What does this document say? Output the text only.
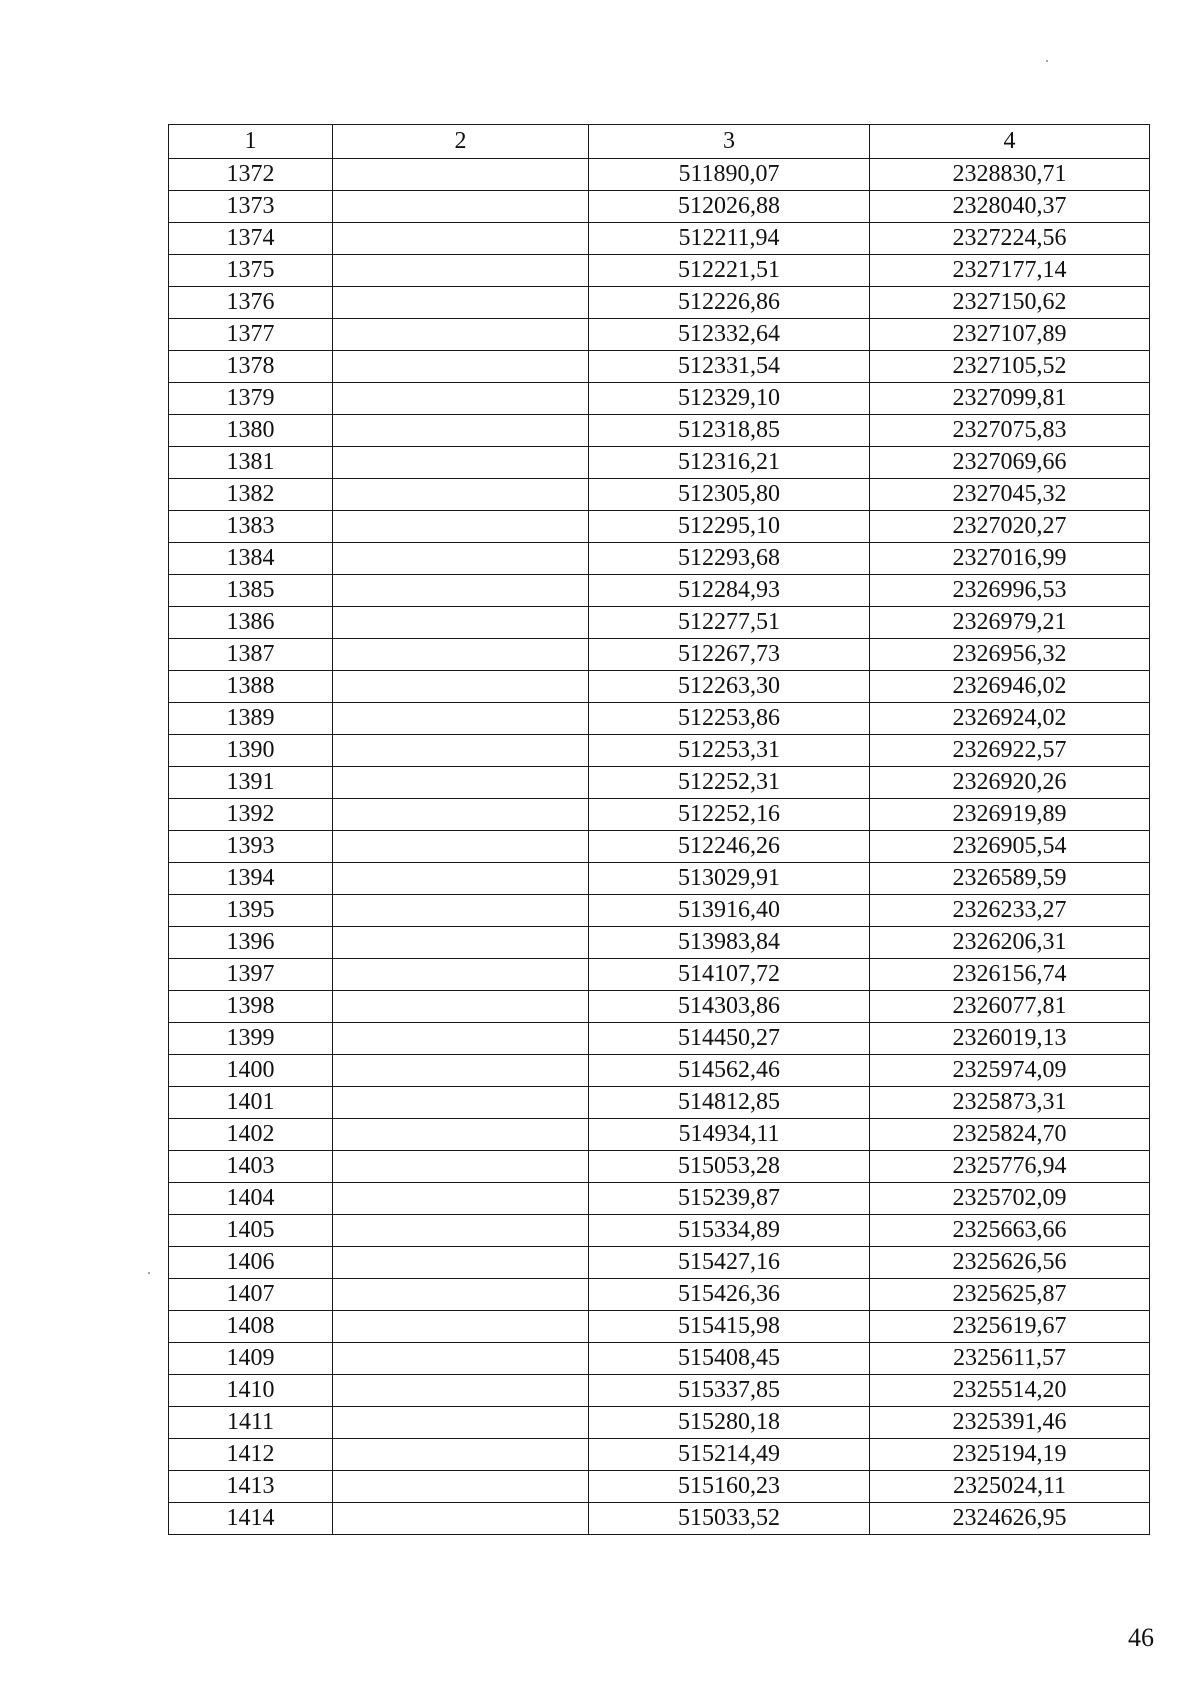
1	2	3	4
1372		511890,07	2328830,71
1373		512026,88	2328040,37
1374		512211,94	2327224,56
1375		512221,51	2327177,14
1376		512226,86	2327150,62
1377		512332,64	2327107,89
1378		512331,54	2327105,52
1379		512329,10	2327099,81
1380		512318,85	2327075,83
1381		512316,21	2327069,66
1382		512305,80	2327045,32
1383		512295,10	2327020,27
1384		512293,68	2327016,99
1385		512284,93	2326996,53
1386		512277,51	2326979,21
1387		512267,73	2326956,32
1388		512263,30	2326946,02
1389		512253,86	2326924,02
1390		512253,31	2326922,57
1391		512252,31	2326920,26
1392		512252,16	2326919,89
1393		512246,26	2326905,54
1394		513029,91	2326589,59
1395		513916,40	2326233,27
1396		513983,84	2326206,31
1397		514107,72	2326156,74
1398		514303,86	2326077,81
1399		514450,27	2326019,13
1400		514562,46	2325974,09
1401		514812,85	2325873,31
1402		514934,11	2325824,70
1403		515053,28	2325776,94
1404		515239,87	2325702,09
1405		515334,89	2325663,66
1406		515427,16	2325626,56
1407		515426,36	2325625,87
1408		515415,98	2325619,67
1409		515408,45	2325611,57
1410		515337,85	2325514,20
1411		515280,18	2325391,46
1412		515214,49	2325194,19
1413		515160,23	2325024,11
1414		515033,52	2324626,95
46
